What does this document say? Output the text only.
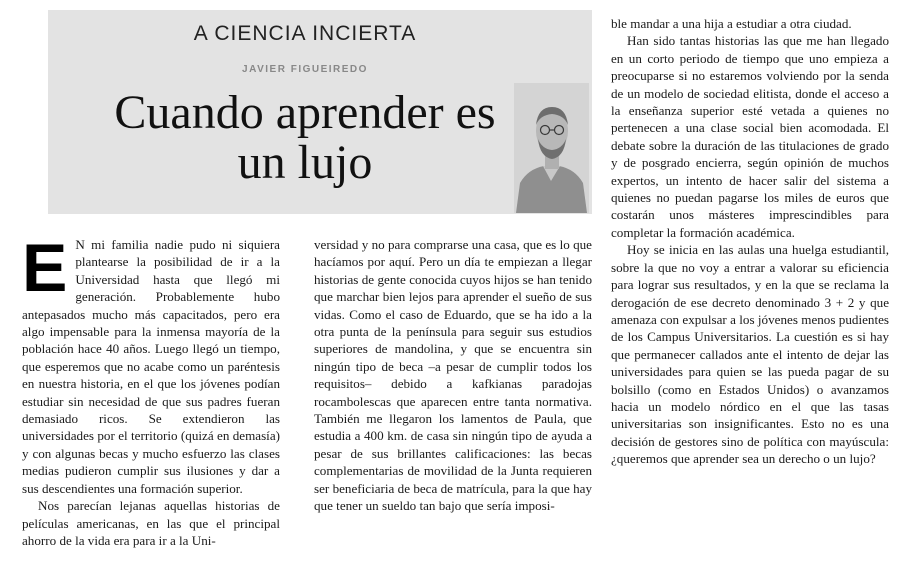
A CIENCIA INCIERTA
JAVIER FIGUEIREDO
Cuando aprender es un lujo

E N mi familia nadie pudo ni siquiera plantearse la posibilidad de ir a la Universidad hasta que llegó mi generación. Probablemente hubo antepasados mucho más capacitados, pero era algo impensable para la inmensa mayoría de la población hace 40 años. Luego llegó un tiempo, que esperemos que no acabe como un paréntesis en nuestra historia, en el que los jóvenes podían estudiar sin necesidad de que sus padres fueran demasiado ricos. Se extendieron las universidades por el territorio (quizá en demasía) y con algunas becas y mucho esfuerzo las clases medias pudieron cumplir sus ilusiones y dar a sus descendientes una formación superior.

Nos parecían lejanas aquellas historias de películas americanas, en las que el principal ahorro de la vida era para ir a la Uni-

versidad y no para comprarse una casa, que es lo que hacíamos por aquí. Pero un día te empiezan a llegar historias de gente conocida cuyos hijos se han tenido que marchar bien lejos para aprender el sueño de sus vidas. Como el caso de Eduardo, que se ha ido a la otra punta de la península para seguir sus estudios superiores de mandolina, y que se encuentra sin ningún tipo de beca –a pesar de cumplir todos los requisitos– debido a kafkianas paradojas rocambolescas que aparecen entre tanta normativa. También me llegaron los lamentos de Paula, que estudia a 400 km. de casa sin ningún tipo de ayuda a pesar de sus brillantes calificaciones: las becas complementarias de movilidad de la Junta requieren ser beneficiaria de beca de matrícula, para la que hay que tener un sueldo tan bajo que sería imposi-

ble mandar a una hija a estudiar a otra ciudad.

Han sido tantas historias las que me han llegado en un corto periodo de tiempo que uno empieza a preocuparse si no estaremos volviendo por la senda de un modelo de sociedad elitista, donde el acceso a la enseñanza superior esté vetada a quienes no pertenecen a una clase social bien acomodada. El debate sobre la duración de las titulaciones de grado y de posgrado encierra, según opinión de muchos expertos, un intento de hacer salir del sistema a quienes no puedan pagarse los miles de euros que costarán unos másteres imprescindibles para completar la formación académica.

Hoy se inicia en las aulas una huelga estudiantil, sobre la que no voy a entrar a valorar su eficiencia para lograr sus resultados, y en la que se reclama la derogación de ese decreto denominado 3 + 2 y que amenaza con expulsar a los jóvenes menos pudientes de los Campus Universitarios. La cuestión es si hay que permanecer callados ante el intento de dejar las universidades para quien se las pueda pagar de su bolsillo (como en Estados Unidos) o avanzamos hacia un modelo nórdico en el que las tasas universitarias son insignificantes. Esto no es una decisión de gestores sino de política con mayúscula: ¿queremos que aprender sea un derecho o un lujo?
